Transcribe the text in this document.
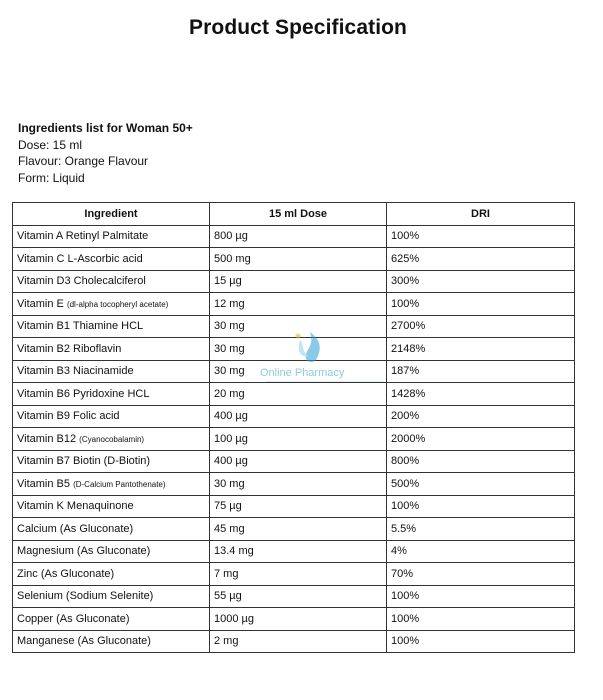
Product Specification
Ingredients list for Woman 50+
Dose: 15 ml
Flavour: Orange Flavour
Form: Liquid
Ingredient	15 ml Dose	DRI
Vitamin A Retinyl Palmitate	800 µg	100%
Vitamin C L-Ascorbic acid	500 mg	625%
Vitamin D3 Cholecalciferol	15 µg	300%
Vitamin E (dl-alpha tocopheryl acetate)	12 mg	100%
Vitamin B1 Thiamine HCL	30 mg	2700%
Vitamin B2 Riboflavin	30 mg	2148%
Vitamin B3 Niacinamide	30 mg	187%
Vitamin B6 Pyridoxine HCL	20 mg	1428%
Vitamin B9 Folic acid	400 µg	200%
Vitamin B12 (Cyanocobalamin)	100 µg	2000%
Vitamin B7 Biotin (D-Biotin)	400 µg	800%
Vitamin B5 (D-Calcium Pantothenate)	30 mg	500%
Vitamin K Menaquinone	75 µg	100%
Calcium (As Gluconate)	45 mg	5.5%
Magnesium (As Gluconate)	13.4 mg	4%
Zinc (As Gluconate)	7 mg	70%
Selenium (Sodium Selenite)	55 µg	100%
Copper (As Gluconate)	1000 µg	100%
Manganese (As Gluconate)	2 mg	100%
Online Pharmacy
